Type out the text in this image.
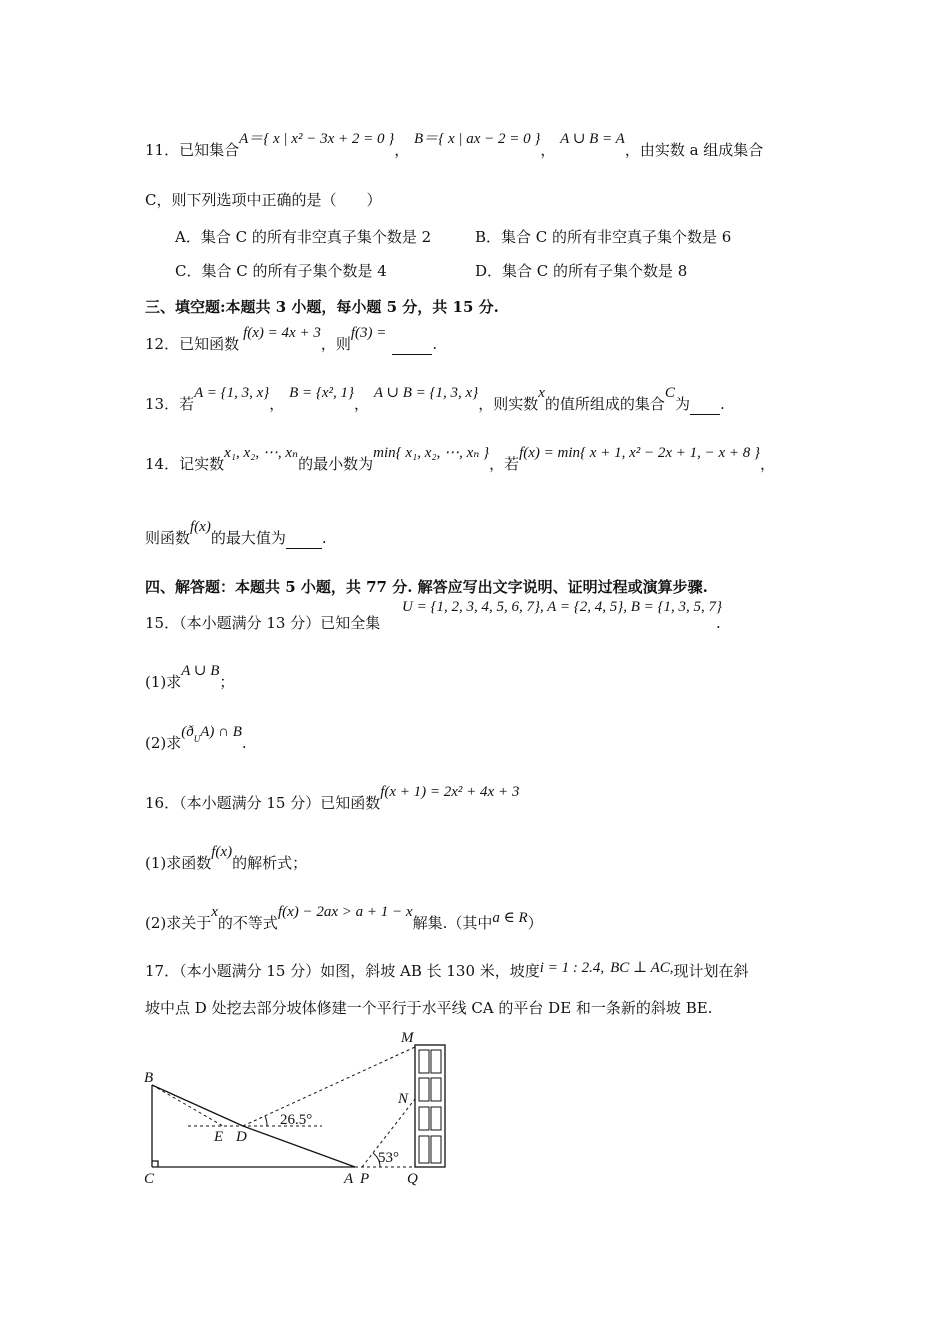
11．已知集合A＝{ x | x² − 3x + 2 = 0 }， B＝{ x | ax − 2 = 0 }， A ∪ B = A，由实数 a 组成集合
C，则下列选项中正确的是（　　）
A．集合 C 的所有非空真子集个数是 2	B．集合 C 的所有非空真子集个数是 6
C．集合 C 的所有子集个数是 4	D．集合 C 的所有子集个数是 8
三、填空题:本题共 3 小题，每小题 5 分，共 15 分.
12．已知函数f(x) = 4x + 3，则f(3) = .
13．若A = {1, 3, x}， B = {x², 1}， A ∪ B = {1, 3, x}，则实数x的值所组成的集合C为 .
14．记实数x₁, x₂, ⋯, xₙ的最小数为min{ x₁, x₂, ⋯, xₙ }，若f(x) = min{ x + 1, x² − 2x + 1, − x + 8 }，
则函数f(x)的最大值为 .
四、解答题：本题共 5 小题，共 77 分. 解答应写出文字说明、证明过程或演算步骤.
15．（本小题满分 13 分）已知全集
U = {1, 2, 3, 4, 5, 6, 7}, A = {2, 4, 5}, B = {1, 3, 5, 7}
.
(1)求A ∪ B；
(2)求$(ð^UA)$ ∩ B.
16．（本小题满分 15 分）已知函数f(x + 1) = 2x² + 4x + 3
(1)求函数f(x)的解析式；
(2)求关于x的不等式f(x) − 2ax > a + 1 − x解集.（其中a ∈ R）
17．（本小题满分 15 分）如图，斜坡 AB 长 130 米，坡度i = 1 : 2.4, BC ⊥ AC,现计划在斜
坡中点 D 处挖去部分坡体修建一个平行于水平线 CA 的平台 DE 和一条新的斜坡 BE.
B
C
E D
A P	Q
M
N
26.5°
53°
